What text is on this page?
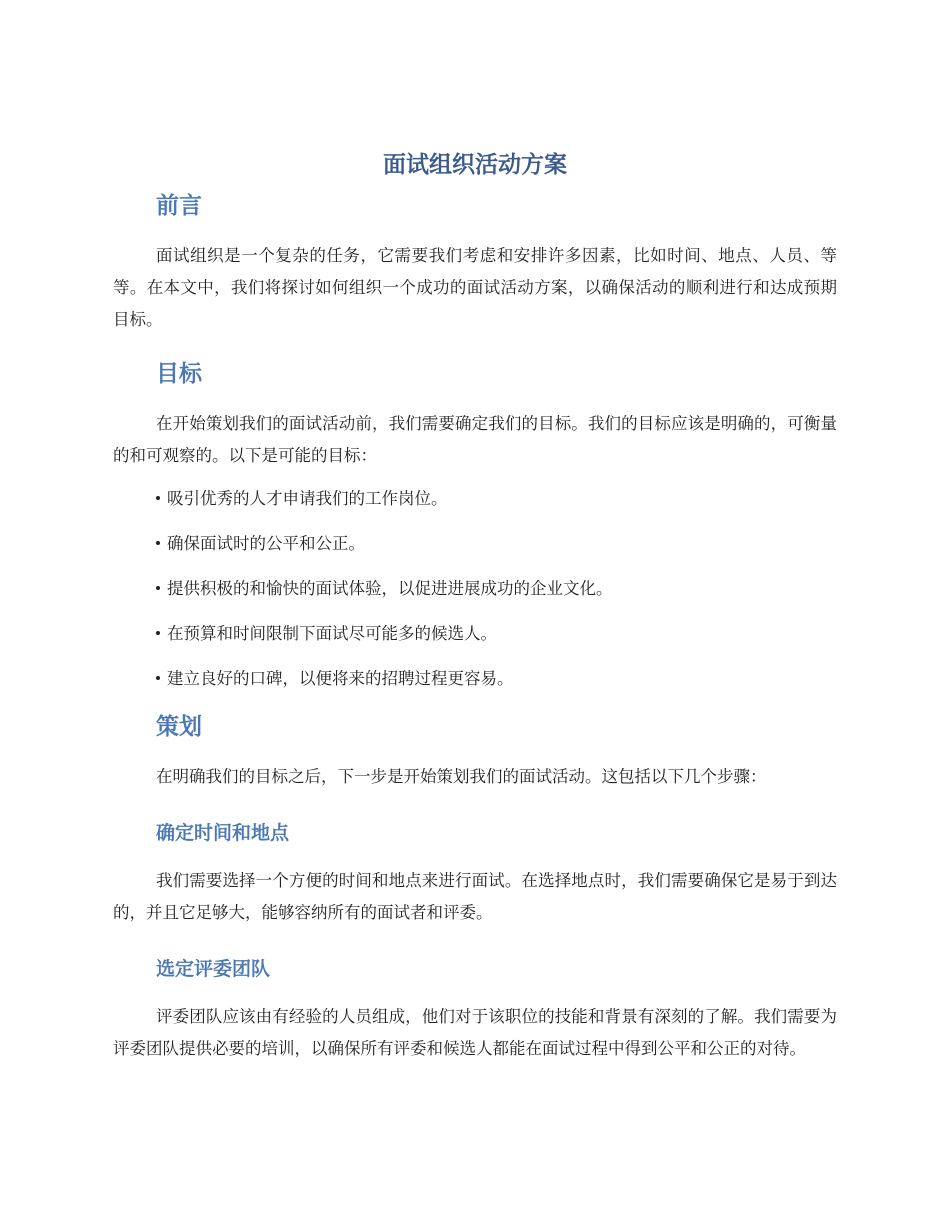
面试组织活动方案
前言

面试组织是一个复杂的任务，它需要我们考虑和安排许多因素，比如时间、地点、人员、等等。在本文中，我们将探讨如何组织一个成功的面试活动方案，以确保活动的顺利进行和达成预期目标。

目标

在开始策划我们的面试活动前，我们需要确定我们的目标。我们的目标应该是明确的，可衡量的和可观察的。以下是可能的目标：

吸引优秀的人才申请我们的工作岗位。
确保面试时的公平和公正。
提供积极的和愉快的面试体验，以促进进展成功的企业文化。
在预算和时间限制下面试尽可能多的候选人。
建立良好的口碑，以便将来的招聘过程更容易。
策划

在明确我们的目标之后，下一步是开始策划我们的面试活动。这包括以下几个步骤：

确定时间和地点

我们需要选择一个方便的时间和地点来进行面试。在选择地点时，我们需要确保它是易于到达的，并且它足够大，能够容纳所有的面试者和评委。

选定评委团队

评委团队应该由有经验的人员组成，他们对于该职位的技能和背景有深刻的了解。我们需要为评委团队提供必要的培训，以确保所有评委和候选人都能在面试过程中得到公平和公正的对待。
